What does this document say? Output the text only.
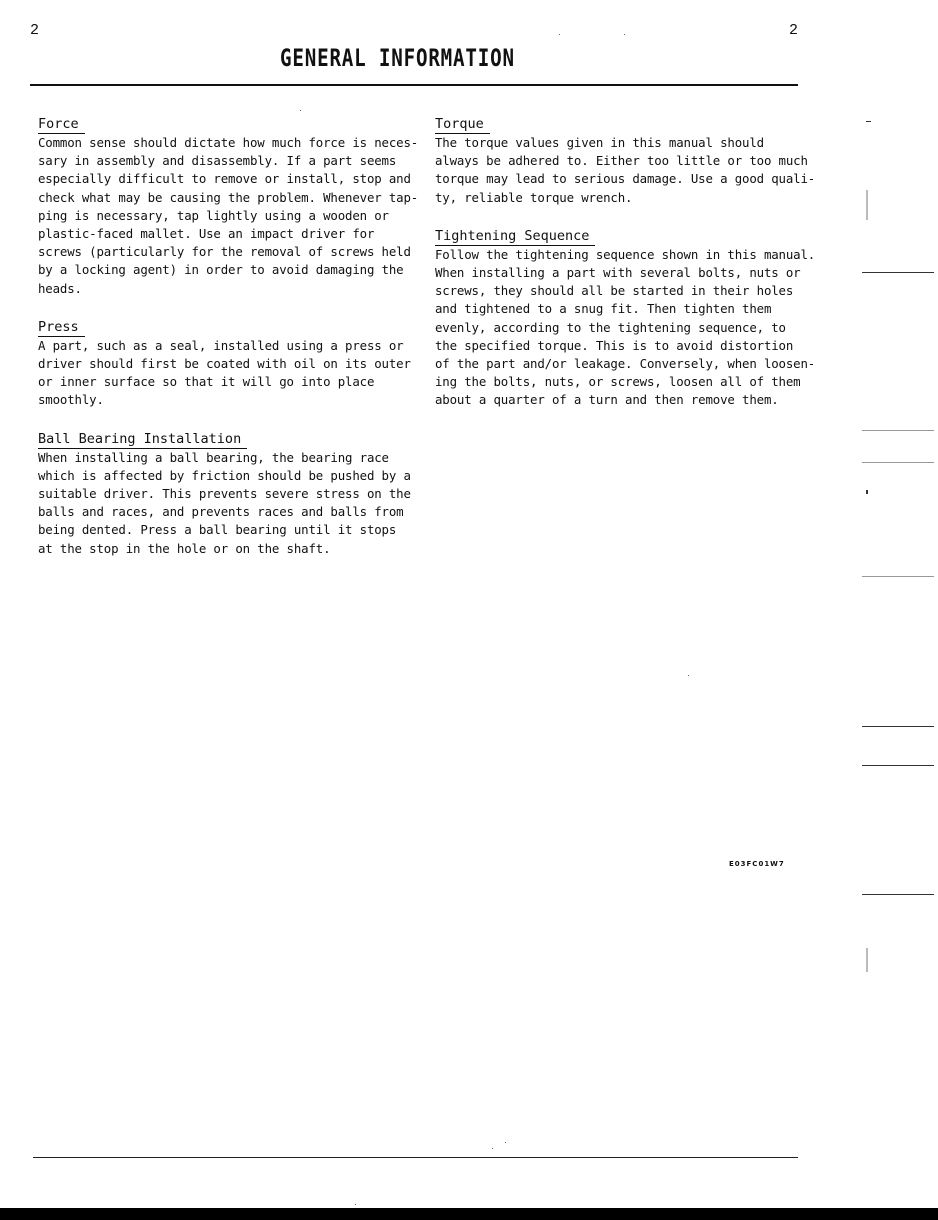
2	2
GENERAL INFORMATION
Force
Common sense should dictate how much force is neces-
sary in assembly and disassembly. If a part seems
especially difficult to remove or install, stop and
check what may be causing the problem. Whenever tap-
ping is necessary, tap lightly using a wooden or
plastic-faced mallet. Use an impact driver for
screws (particularly for the removal of screws held
by a locking agent) in order to avoid damaging the
heads.
Press
A part, such as a seal, installed using a press or
driver should first be coated with oil on its outer
or inner surface so that it will go into place
smoothly.
Ball Bearing Installation
When installing a ball bearing, the bearing race
which is affected by friction should be pushed by a
suitable driver. This prevents severe stress on the
balls and races, and prevents races and balls from
being dented. Press a ball bearing until it stops
at the stop in the hole or on the shaft.
Torque
The torque values given in this manual should
always be adhered to. Either too little or too much
torque may lead to serious damage. Use a good quali-
ty, reliable torque wrench.
Tightening Sequence
Follow the tightening sequence shown in this manual.
When installing a part with several bolts, nuts or
screws, they should all be started in their holes
and tightened to a snug fit. Then tighten them
evenly, according to the tightening sequence, to
the specified torque. This is to avoid distortion
of the part and/or leakage. Conversely, when loosen-
ing the bolts, nuts, or screws, loosen all of them
about a quarter of a turn and then remove them.
E03FC01W7
